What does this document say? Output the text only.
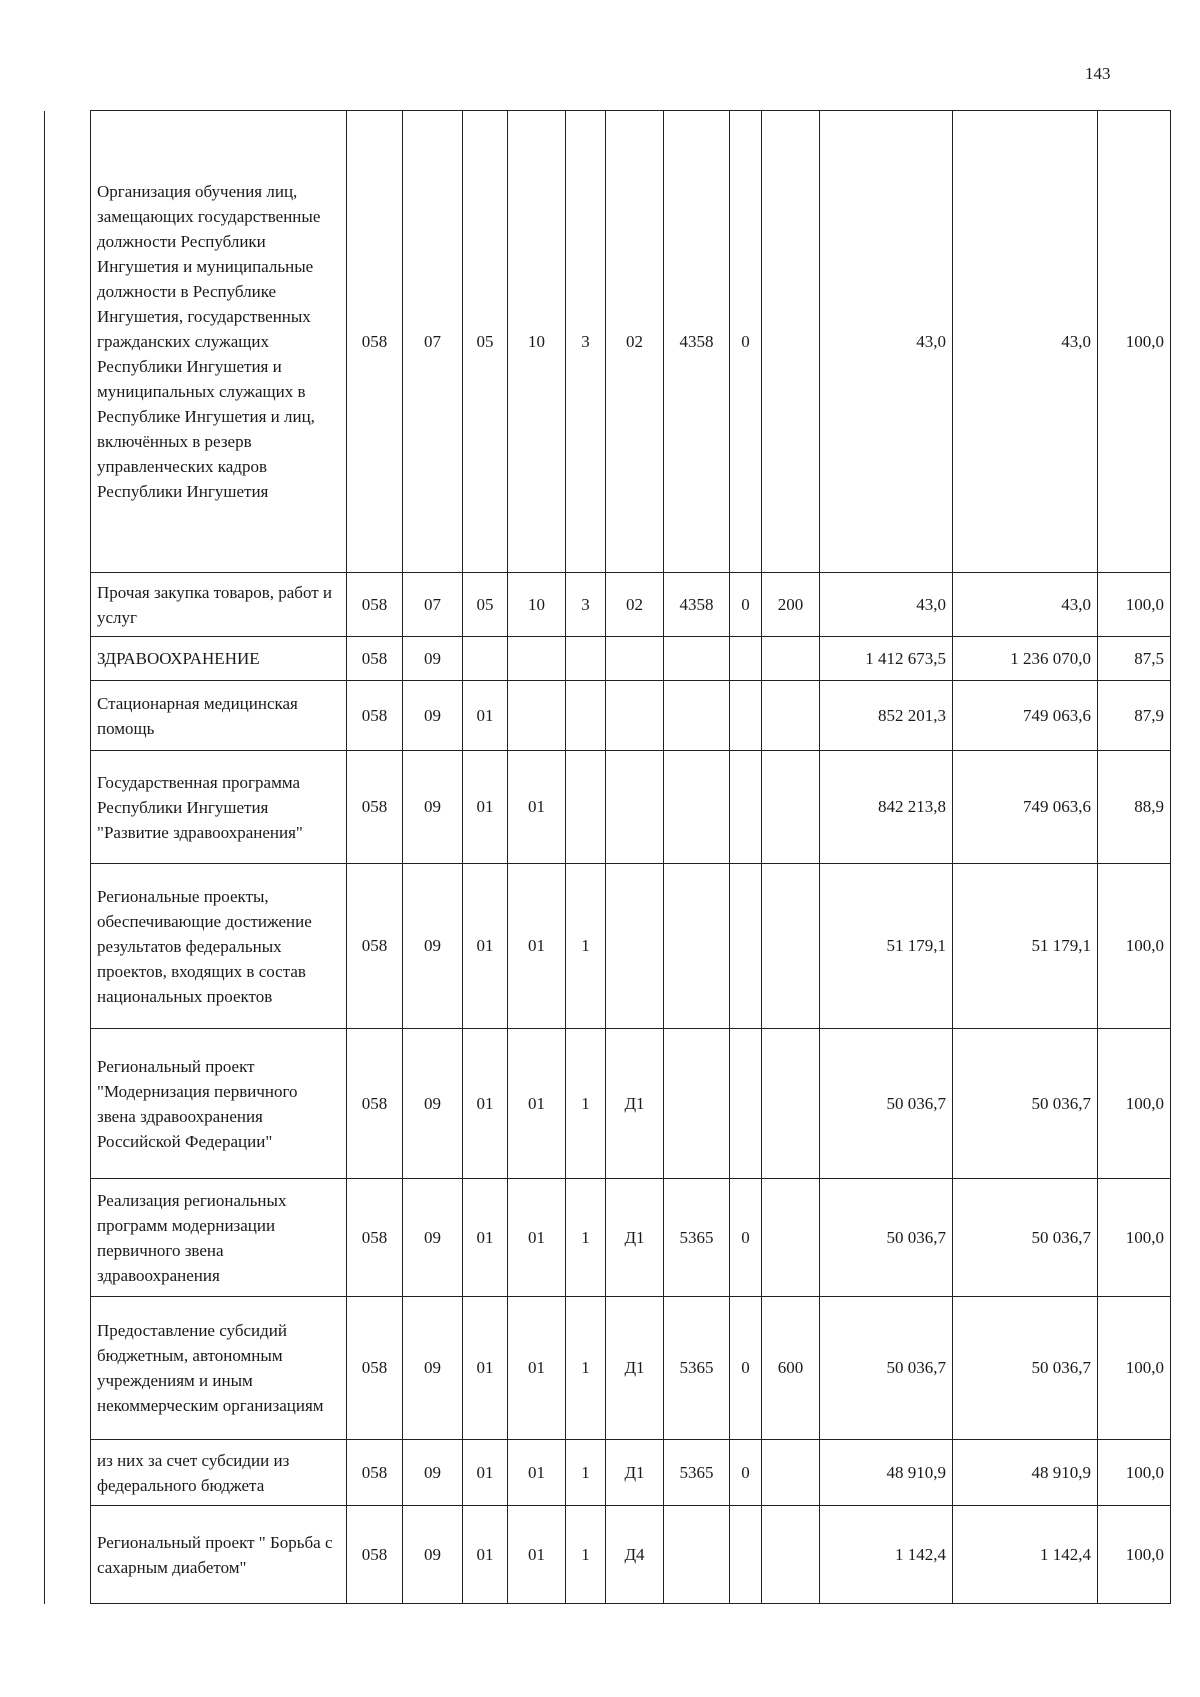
143
	Организация обучения лиц, замещающих государственные должности Республики Ингушетия и муниципальные должности в Республике Ингушетия, государственных гражданских служащих Республики Ингушетия и муниципальных служащих в Республике Ингушетия и лиц, включённых в резерв управленческих кадров Республики Ингушетия	058	07	05	10	3	02	4358	0		43,0	43,0	100,0
	Прочая закупка товаров, работ и услуг	058	07	05	10	3	02	4358	0	200	43,0	43,0	100,0
	ЗДРАВООХРАНЕНИЕ	058	09								1 412 673,5	1 236 070,0	87,5
	Стационарная медицинская помощь	058	09	01							852 201,3	749 063,6	87,9
	Государственная программа Республики Ингушетия "Развитие здравоохранения"	058	09	01	01						842 213,8	749 063,6	88,9
	Региональные проекты, обеспечивающие достижение результатов федеральных проектов, входящих в состав национальных проектов	058	09	01	01	1					51 179,1	51 179,1	100,0
	Региональный проект "Модернизация первичного звена здравоохранения Российской Федерации"	058	09	01	01	1	Д1				50 036,7	50 036,7	100,0
	Реализация региональных программ модернизации первичного звена здравоохранения	058	09	01	01	1	Д1	5365	0		50 036,7	50 036,7	100,0
	Предоставление субсидий бюджетным, автономным учреждениям и иным некоммерческим организациям	058	09	01	01	1	Д1	5365	0	600	50 036,7	50 036,7	100,0
	из них за счет субсидии из федерального бюджета	058	09	01	01	1	Д1	5365	0		48 910,9	48 910,9	100,0
	Региональный проект " Борьба с сахарным диабетом"	058	09	01	01	1	Д4				1 142,4	1 142,4	100,0
